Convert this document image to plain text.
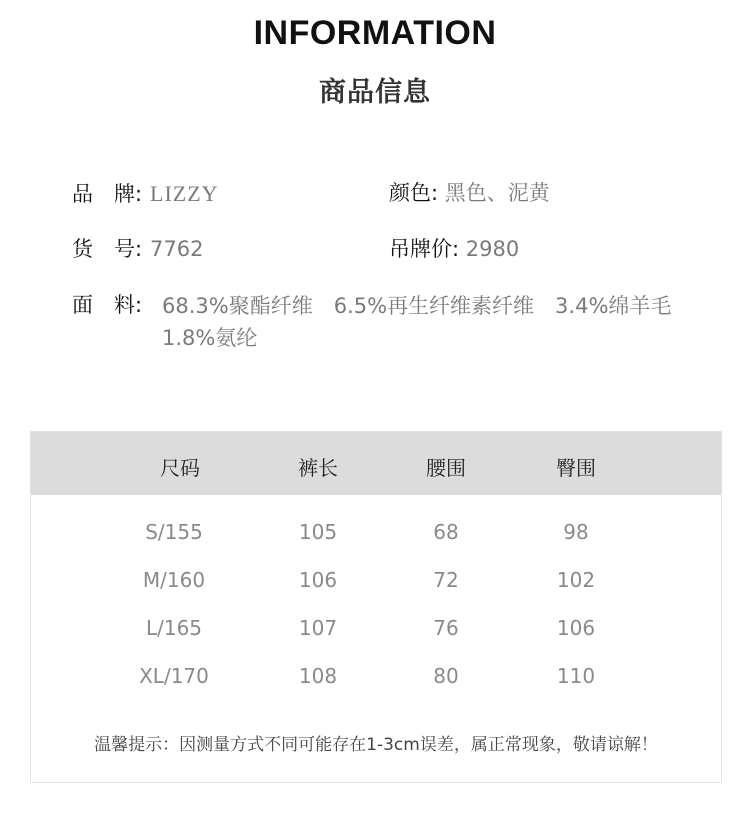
INFORMATION
商品信息
品　牌: LIZZY	颜色: 黑色、泥黄
货　号: 7762	吊牌价: 2980
面　料: 68.3%聚酯纤维　6.5%再生纤维素纤维　3.4%绵羊毛
1.8%氨纶
尺码	裤长	腰围	臀围
S/155	105	68	98
M/160	106	72	102
L/165	107	76	106
XL/170	108	80	110
温馨提示：因测量方式不同可能存在1-3cm误差，属正常现象，敬请谅解！
